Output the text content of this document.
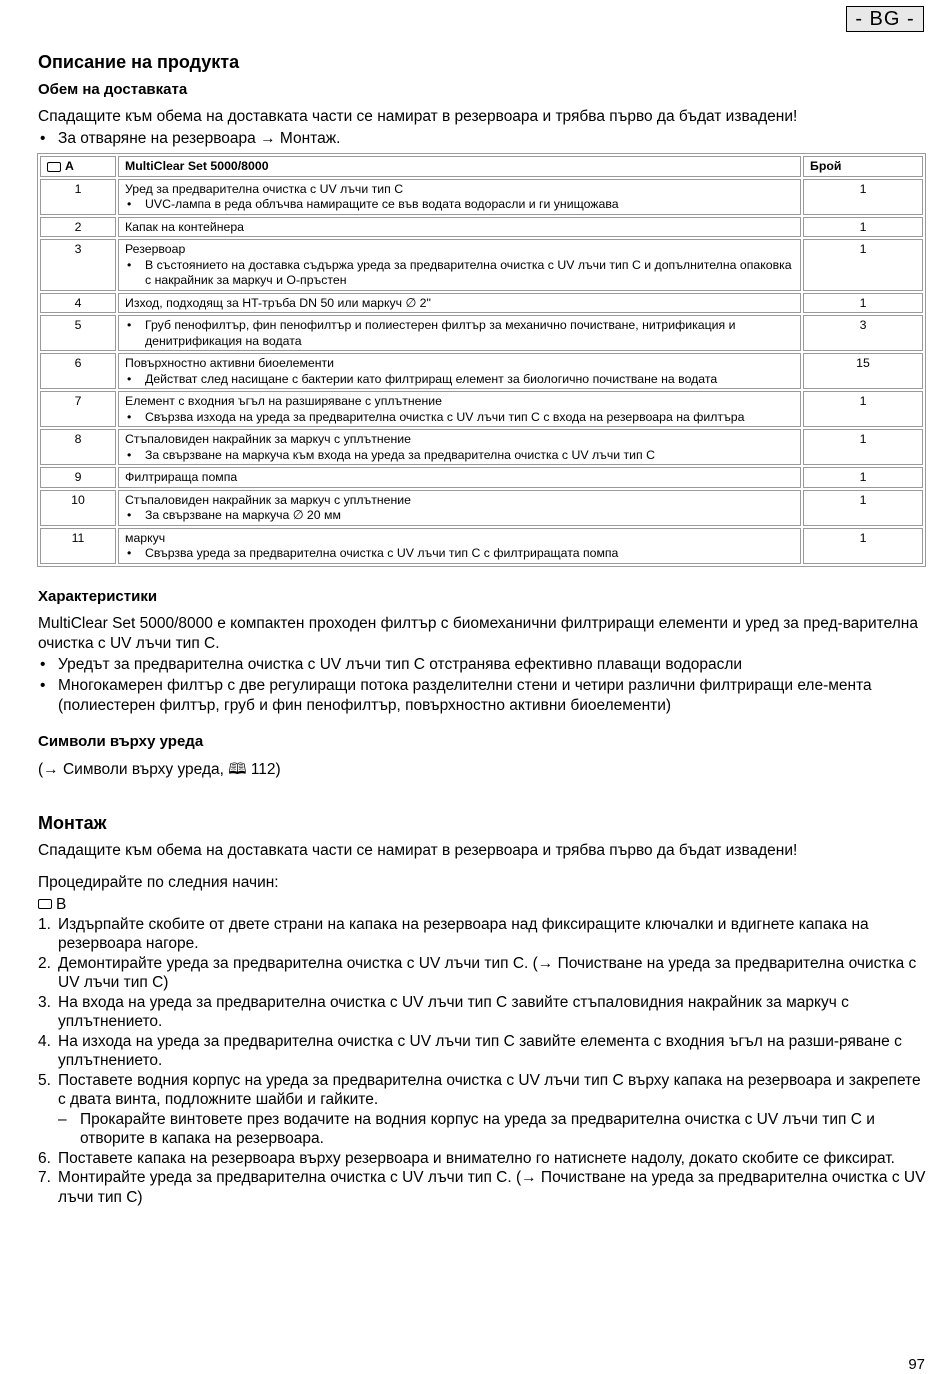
- BG -
Описание на продукта
Обем на доставката

Спадащите към обема на доставката части се намират в резервоара и трябва първо да бъдат извадени!

• За отваряне на резервоара → Монтаж.
A	MultiClear Set 5000/8000	Брой
1	Уред за предварителна очистка с UV лъчи тип C
• UVC-лампа в реда облъчва намиращите се във водата водорасли и ги унищожава	1
2	Капак на контейнера	1
3	Резервоар
• В състоянието на доставка съдържа уреда за предварителна очистка с UV лъчи тип C и допълнителна опаковка с накрайник за маркуч и О-пръстен	1
4	Изход, подходящ за HT-тръба DN 50 или маркуч ∅ 2"	1
5	• Груб пенофилтър, фин пенофилтър и полиестерен филтър за механично почистване, нитрификация и денитрификация на водата	3
6	Повърхностно активни биоелементи
• Действат след насищане с бактерии като филтриращ елемент за биологично почистване на водата	15
7	Елемент с входния ъгъл на разширяване с уплътнение
• Свързва изхода на уреда за предварителна очистка с UV лъчи тип C с входа на резервоара на филтъра	1
8	Стъпаловиден накрайник за маркуч с уплътнение
• За свързване на маркуча към входа на уреда за предварителна очистка с UV лъчи тип C	1
9	Филтрираща помпа	1
10	Стъпаловиден накрайник за маркуч с уплътнение
• За свързване на маркуча ∅ 20 мм	1
11	маркуч
• Свързва уреда за предварителна очистка с UV лъчи тип C с филтриращата помпа	1
Характеристики

MultiClear Set 5000/8000 е компактен проходен филтър с биомеханични филтриращи елементи и уред за пред-варителна очистка с UV лъчи тип C.

• Уредът за предварителна очистка с UV лъчи тип C отстранява ефективно плаващи водорасли
• Многокамерен филтър с две регулиращи потока разделителни стени и четири различни филтриращи еле-мента (полиестерен филтър, груб и фин пенофилтър, повърхностно активни биоелементи)
Символи върху уреда

(→ Символи върху уреда, 🕮 112)

Монтаж

Спадащите към обема на доставката части се намират в резервоара и трябва първо да бъдат извадени!

Процедирайте по следния начин:

B

1. Издърпайте скобите от двете страни на капака на резервоара над фиксиращите ключалки и вдигнете капака на резервоара нагоре.
2. Демонтирайте уреда за предварителна очистка с UV лъчи тип C. (→ Почистване на уреда за предварителна очистка с UV лъчи тип C)
3. На входа на уреда за предварителна очистка с UV лъчи тип C завийте стъпаловидния накрайник за маркуч с уплътнението.
4. На изхода на уреда за предварителна очистка с UV лъчи тип C завийте елемента с входния ъгъл на разши-ряване с уплътнението.
5. Поставете водния корпус на уреда за предварителна очистка с UV лъчи тип C върху капака на резервоара и закрепете с двата винта, подложните шайби и гайките.
– Прокарайте винтовете през водачите на водния корпус на уреда за предварителна очистка с UV лъчи тип C и отворите в капака на резервоара.
6. Поставете капака на резервоара върху резервоара и внимателно го натиснете надолу, докато скобите се фиксират.
7. Монтирайте уреда за предварителна очистка с UV лъчи тип C. (→ Почистване на уреда за предварителна очистка с UV лъчи тип C)
97
